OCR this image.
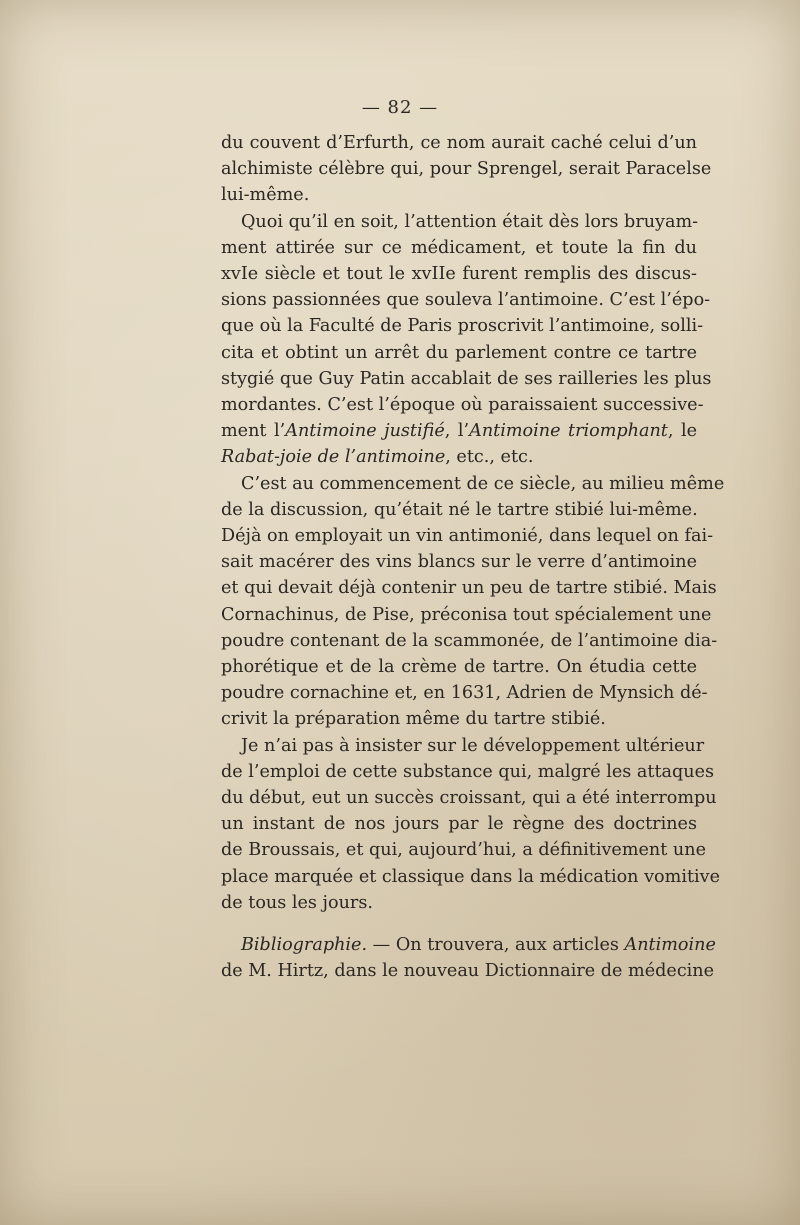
— 82 —

du couvent d’Erfurth, ce nom aurait caché celui d’un
alchimiste célèbre qui, pour Sprengel, serait Paracelse
lui-même.

Quoi qu’il en soit, l’attention était dès lors bruyam-
ment attirée sur ce médicament, et toute la fin du
xvIe siècle et tout le xvIIe furent remplis des discus-
sions passionnées que souleva l’antimoine. C’est l’épo-
que où la Faculté de Paris proscrivit l’antimoine, solli-
cita et obtint un arrêt du parlement contre ce tartre
stygié que Guy Patin accablait de ses railleries les plus
mordantes. C’est l’époque où paraissaient successive-
ment l’Antimoine justifié, l’Antimoine triomphant, le
Rabat-joie de l’antimoine, etc., etc.

C’est au commencement de ce siècle, au milieu même
de la discussion, qu’était né le tartre stibié lui-même.
Déjà on employait un vin antimonié, dans lequel on fai-
sait macérer des vins blancs sur le verre d’antimoine
et qui devait déjà contenir un peu de tartre stibié. Mais
Cornachinus, de Pise, préconisa tout spécialement une
poudre contenant de la scammonée, de l’antimoine dia-
phorétique et de la crème de tartre. On étudia cette
poudre cornachine et, en 1631, Adrien de Mynsich dé-
crivit la préparation même du tartre stibié.

Je n’ai pas à insister sur le développement ultérieur
de l’emploi de cette substance qui, malgré les attaques
du début, eut un succès croissant, qui a été interrompu
un instant de nos jours par le règne des doctrines
de Broussais, et qui, aujourd’hui, a définitivement une
place marquée et classique dans la médication vomitive
de tous les jours.

Bibliographie. — On trouvera, aux articles Antimoine
de M. Hirtz, dans le nouveau Dictionnaire de médecine
